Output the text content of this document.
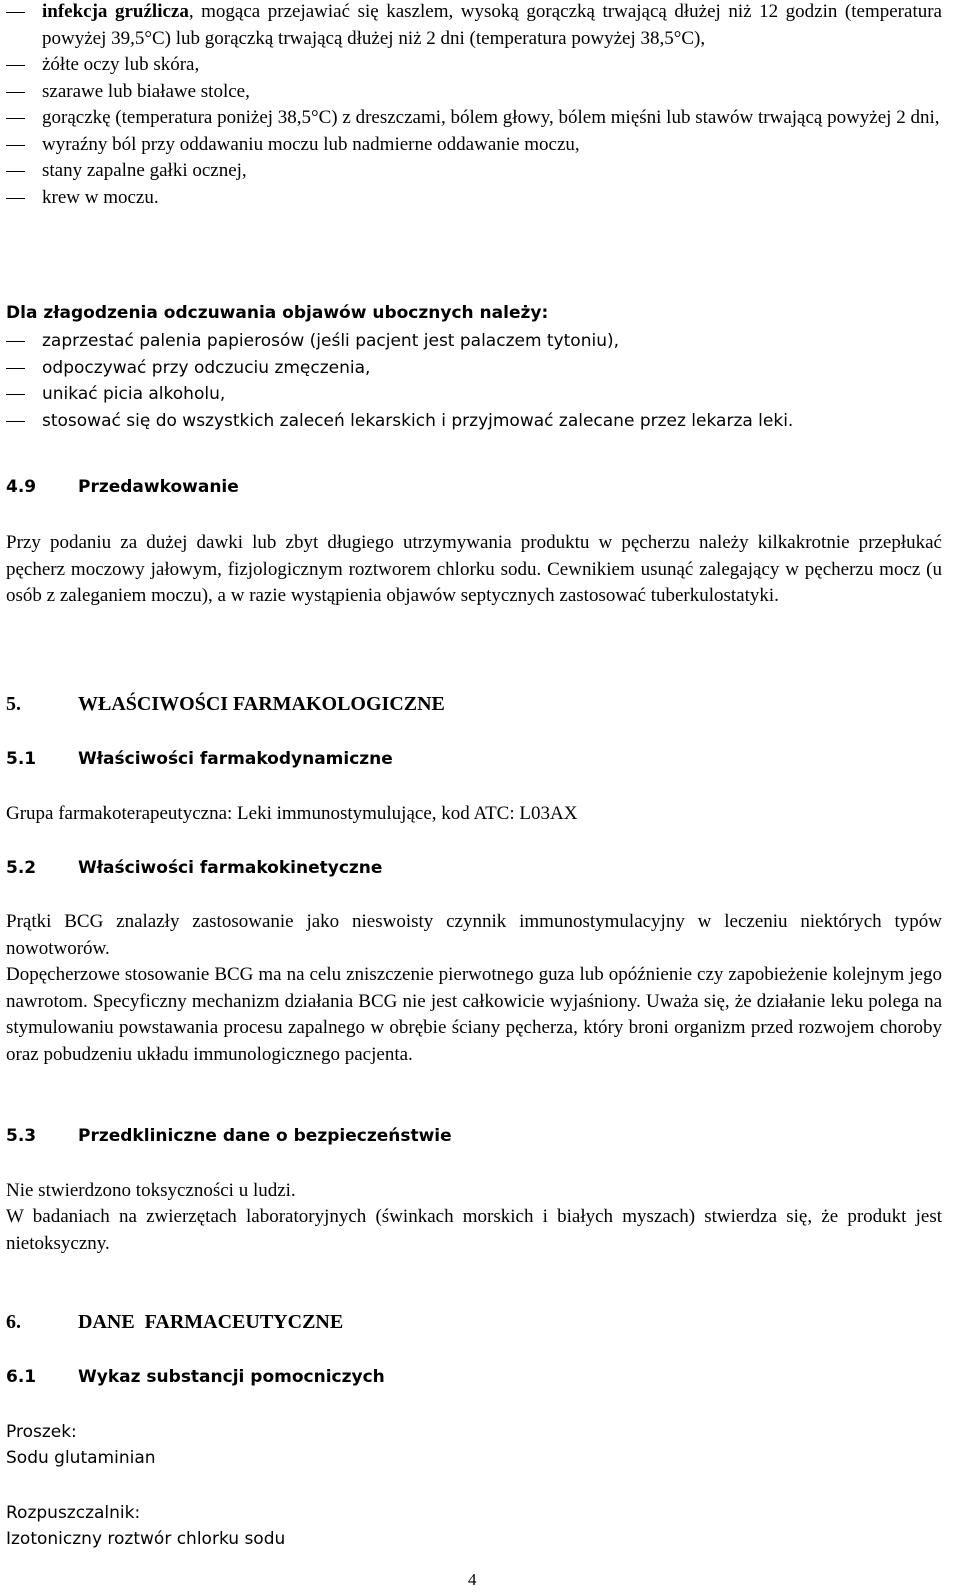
infekcja gruźlicza, mogąca przejawiać się kaszlem, wysoką gorączką trwającą dłużej niż 12 godzin (temperatura powyżej 39,5°C) lub gorączką trwającą dłużej niż 2 dni (temperatura powyżej 38,5°C),
żółte oczy lub skóra,
szarawe lub białawe stolce,
gorączkę (temperatura poniżej 38,5°C) z dreszczami, bólem głowy, bólem mięśni lub stawów trwającą powyżej 2 dni,
wyraźny ból przy oddawaniu moczu lub nadmierne oddawanie moczu,
stany zapalne gałki ocznej,
krew w moczu.
Dla złagodzenia odczuwania objawów ubocznych należy:
zaprzestać palenia papierosów (jeśli pacjent jest palaczem tytoniu),
odpoczywać przy odczuciu zmęczenia,
unikać picia alkoholu,
stosować się do wszystkich zaleceń lekarskich i przyjmować zalecane przez lekarza leki.
4.9	Przedawkowanie
Przy podaniu za dużej dawki lub zbyt długiego utrzymywania produktu w pęcherzu należy kilkakrotnie przepłukać pęcherz moczowy jałowym, fizjologicznym roztworem chlorku sodu. Cewnikiem usunąć zalegający w pęcherzu mocz (u osób z zaleganiem moczu), a w razie wystąpienia objawów septycznych zastosować tuberkulostatyki.
5.	WŁAŚCIWOŚCI FARMAKOLOGICZNE
5.1	Właściwości farmakodynamiczne
Grupa farmakoterapeutyczna: Leki immunostymulujące, kod ATC: L03AX
5.2	Właściwości farmakokinetyczne
Prątki BCG znalazły zastosowanie jako nieswoisty czynnik immunostymulacyjny w leczeniu niektórych typów nowotworów.
Dopęcherzowe stosowanie BCG ma na celu zniszczenie pierwotnego guza lub opóźnienie czy zapobieżenie kolejnym jego nawrotom. Specyficzny mechanizm działania BCG nie jest całkowicie wyjaśniony. Uważa się, że działanie leku polega na stymulowaniu powstawania procesu zapalnego w obrębie ściany pęcherza, który broni organizm przed rozwojem choroby oraz pobudzeniu układu immunologicznego pacjenta.
5.3	Przedkliniczne dane o bezpieczeństwie
Nie stwierdzono toksyczności u ludzi.
W badaniach na zwierzętach laboratoryjnych (świnkach morskich i białych myszach) stwierdza się, że produkt jest nietoksyczny.
6.	DANE  FARMACEUTYCZNE
6.1	Wykaz substancji pomocniczych
Proszek:
Sodu glutaminian
Rozpuszczalnik:
Izotoniczny roztwór chlorku sodu
4
